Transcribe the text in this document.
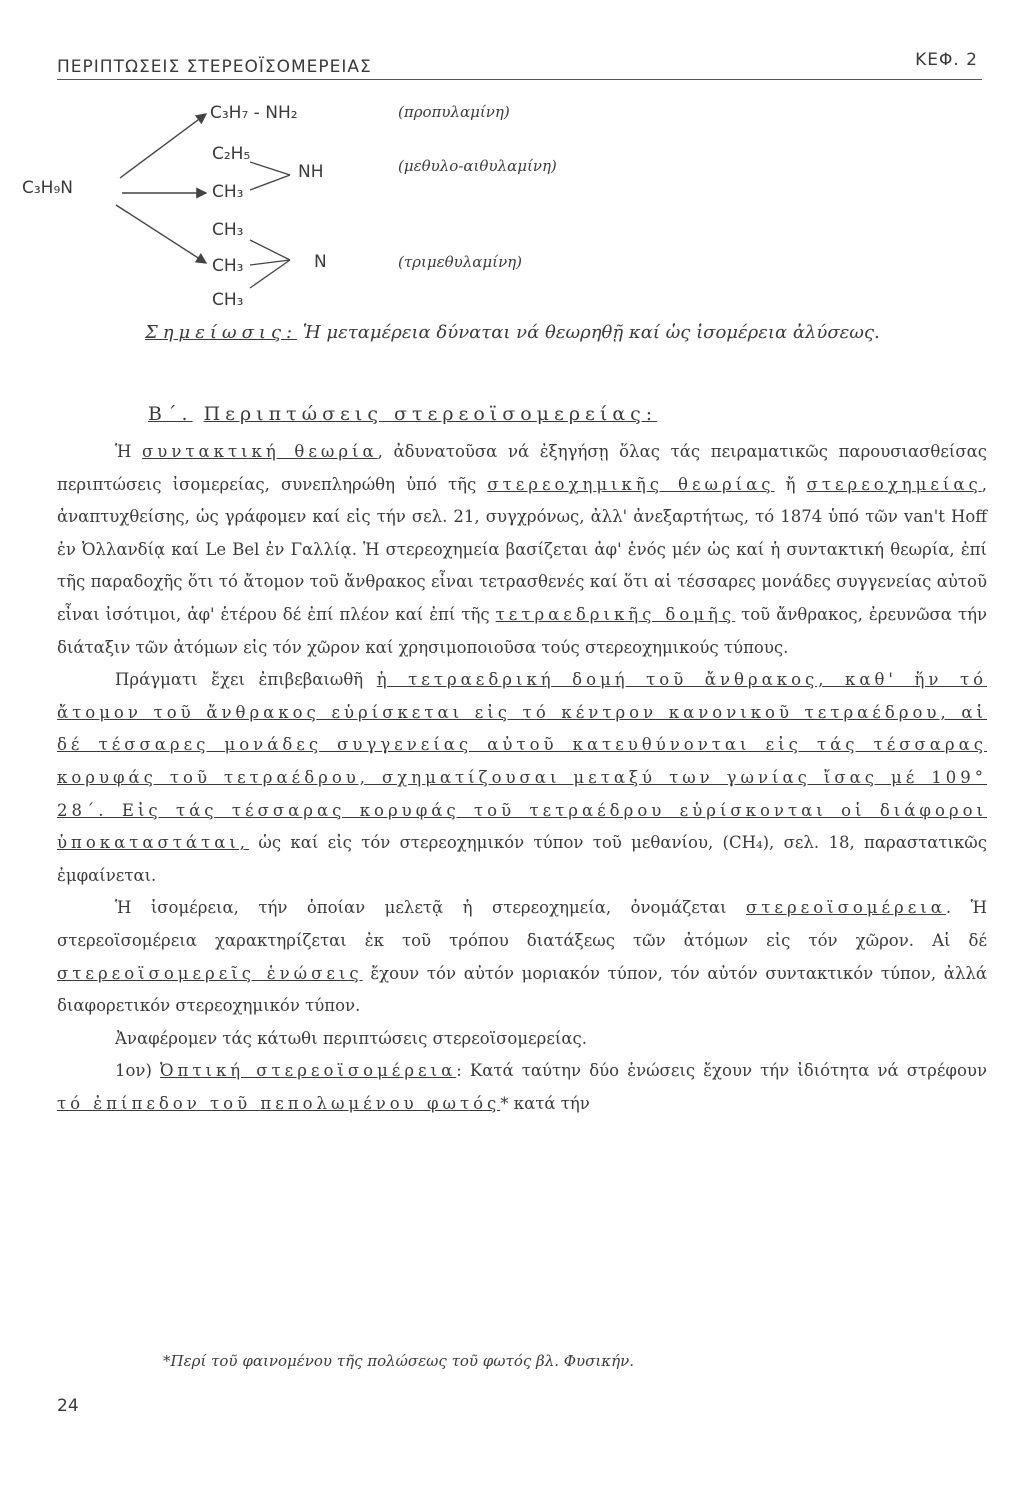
ΠΕΡΙΠΤΩΣΕΙΣ ΣΤΕΡΕΟΪΣΟΜΕΡΕΙΑΣ	ΚΕΦ. 2
C₃H₉N
C₃H₇ - NH₂	(προπυλαμίνη)
C₂H₅
CH₃
NH	(μεθυλο-αιθυλαμίνη)
CH₃
CH₃
CH₃
N	(τριμεθυλαμίνη)
Σημείωσις: Ἡ μεταμέρεια δύναται νά θεωρηθῇ καί ὡς ἰσομέρεια ἀλύσεως.
Β΄. Περιπτώσεις στερεοϊσομερείας:

Ἡ συντακτική θεωρία, ἀδυνατοῦσα νά ἐξηγήσῃ ὅλας τάς πειραματικῶς παρουσιασθείσας περιπτώσεις ἰσομερείας, συνεπληρώθη ὑπό τῆς στερεοχημικῆς θεωρίας ἤ στερεοχημείας, ἀναπτυχθείσης, ὡς γράφομεν καί εἰς τήν σελ. 21, συγχρόνως, ἀλλ' ἀνεξαρτήτως, τό 1874 ὑπό τῶν van't Hoff ἐν Ὀλλανδίᾳ καί Le Bel ἐν Γαλλίᾳ. Ἡ στερεοχημεία βασίζεται ἀφ' ἑνός μέν ὡς καί ἡ συντακτική θεωρία, ἐπί τῆς παραδοχῆς ὅτι τό ἄτομον τοῦ ἄνθρακος εἶναι τετρασθενές καί ὅτι αἱ τέσσαρες μονάδες συγγενείας αὐτοῦ εἶναι ἰσότιμοι, ἀφ' ἑτέρου δέ ἐπί πλέον καί ἐπί τῆς τετραεδρικῆς δομῆς τοῦ ἄνθρακος, ἐρευνῶσα τήν διάταξιν τῶν ἀτόμων εἰς τόν χῶρον καί χρησιμοποιοῦσα τούς στερεοχημικούς τύπους.

Πράγματι ἔχει ἐπιβεβαιωθῆ ἡ τετραεδρική δομή τοῦ ἄνθρακος, καθ' ἥν τό ἄτομον τοῦ ἄνθρακος εὑρίσκεται εἰς τό κέντρον κανονικοῦ τετραέδρου, αἱ δέ τέσσαρες μονάδες συγγενείας αὐτοῦ κατευθύνονται εἰς τάς τέσσαρας κορυφάς τοῦ τετραέδρου, σχηματίζουσαι μεταξύ των γωνίας ἴσας μέ 109° 28΄. Εἰς τάς τέσσαρας κορυφάς τοῦ τετραέδρου εὑρίσκονται οἱ διάφοροι ὑποκαταστάται, ὡς καί εἰς τόν στερεοχημικόν τύπον τοῦ μεθανίου, (CH₄), σελ. 18, παραστατικῶς ἐμφαίνεται.

Ἡ ἰσομέρεια, τήν ὁποίαν μελετᾷ ἡ στερεοχημεία, ὀνομάζεται στερεοϊσομέρεια. Ἡ στερεοϊσομέρεια χαρακτηρίζεται ἐκ τοῦ τρόπου διατάξεως τῶν ἀτόμων εἰς τόν χῶρον. Αἱ δέ στερεοϊσομερεῖς ἑνώσεις ἔχουν τόν αὐτόν μοριακόν τύπον, τόν αὐτόν συντακτικόν τύπον, ἀλλά διαφορετικόν στερεοχημικόν τύπον.

Ἀναφέρομεν τάς κάτωθι περιπτώσεις στερεοϊσομερείας.

1ον) Ὀπτική στερεοϊσομέρεια: Κατά ταύτην δύο ἑνώσεις ἔχουν τήν ἰδιότητα νά στρέφουν τό ἐπίπεδον τοῦ πεπολωμένου φωτός* κατά τήν

*Περί τοῦ φαινομένου τῆς πολώσεως τοῦ φωτός βλ. Φυσικήν.
24
